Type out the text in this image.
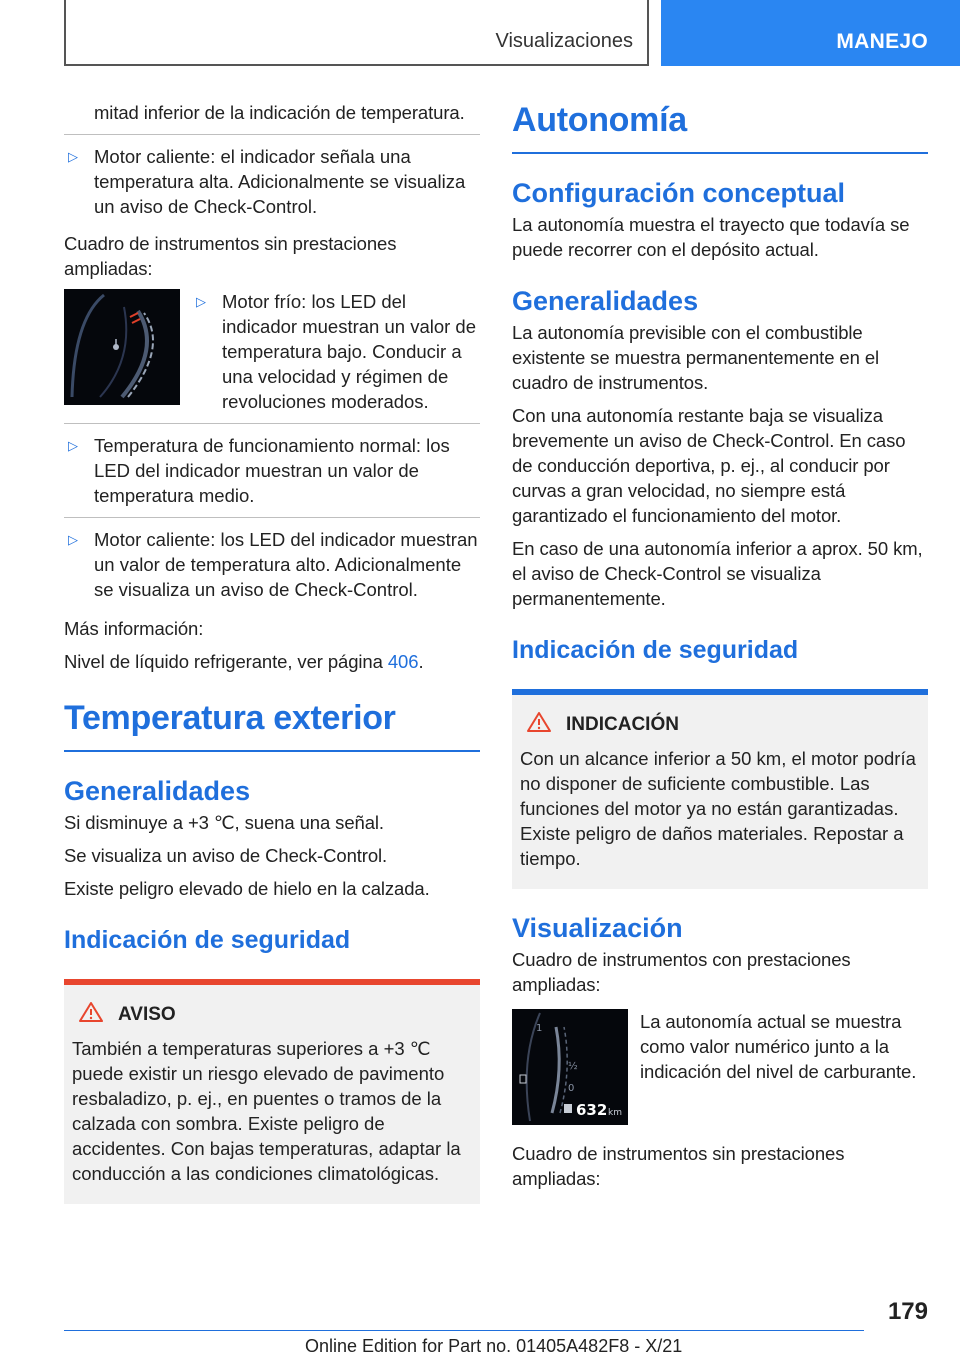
Visualizaciones	MANEJO

mitad inferior de la indicación de temperatura.

▷ Motor caliente: el indicador señala una temperatura alta. Adicionalmente se visualiza un aviso de Check-Control.

Cuadro de instrumentos sin prestaciones ampliadas:

▷ Motor frío: los LED del indicador muestran un valor de temperatura bajo. Conducir a una velocidad y régimen de revoluciones moderados.
▷ Temperatura de funcionamiento normal: los LED del indicador muestran un valor de temperatura medio.
▷ Motor caliente: los LED del indicador muestran un valor de temperatura alto. Adicionalmente se visualiza un aviso de Check-Control.

Más información:

Nivel de líquido refrigerante, ver página 406.

Temperatura exterior
Generalidades

Si disminuye a +3 ℃, suena una señal.

Se visualiza un aviso de Check-Control.

Existe peligro elevado de hielo en la calzada.

Indicación de seguridad
AVISO

También a temperaturas superiores a +3 ℃ puede existir un riesgo elevado de pavimento resbaladizo, p. ej., en puentes o tramos de la calzada con sombra. Existe peligro de accidentes. Con bajas temperaturas, adaptar la conducción a las condiciones climatológicas.

Autonomía
Configuración conceptual

La autonomía muestra el trayecto que todavía se puede recorrer con el depósito actual.

Generalidades

La autonomía previsible con el combustible existente se muestra permanentemente en el cuadro de instrumentos.

Con una autonomía restante baja se visualiza brevemente un aviso de Check-Control. En caso de conducción deportiva, p. ej., al conducir por curvas a gran velocidad, no siempre está garantizado el funcionamiento del motor.

En caso de una autonomía inferior a aprox. 50 km, el aviso de Check-Control se visualiza permanentemente.

Indicación de seguridad
INDICACIÓN

Con un alcance inferior a 50 km, el motor podría no disponer de suficiente combustible. Las funciones del motor ya no están garantizadas. Existe peligro de daños materiales. Repostar a tiempo.

Visualización

Cuadro de instrumentos con prestaciones ampliadas:

1
½
0
632 km

La autonomía actual se muestra como valor numérico junto a la indicación del nivel de carburante.

Cuadro de instrumentos sin prestaciones ampliadas:

179
Online Edition for Part no. 01405A482F8 - X/21
